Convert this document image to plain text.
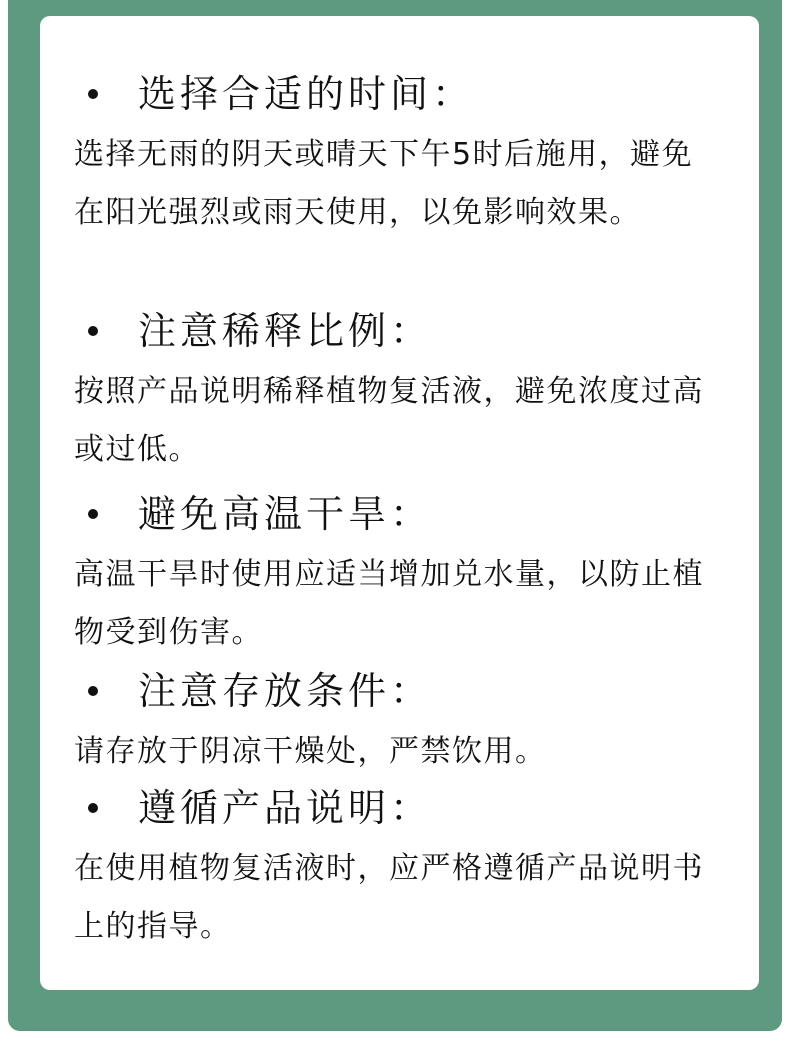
选择合适的时间：
选择无雨的阴天或晴天下午5时后施用，避免在阳光强烈或雨天使用，以免影响效果。
注意稀释比例：
按照产品说明稀释植物复活液，避免浓度过高或过低。
避免高温干旱：
高温干旱时使用应适当增加兑水量，以防止植物受到伤害。
注意存放条件：
请存放于阴凉干燥处，严禁饮用。
遵循产品说明：
在使用植物复活液时，应严格遵循产品说明书上的指导。
